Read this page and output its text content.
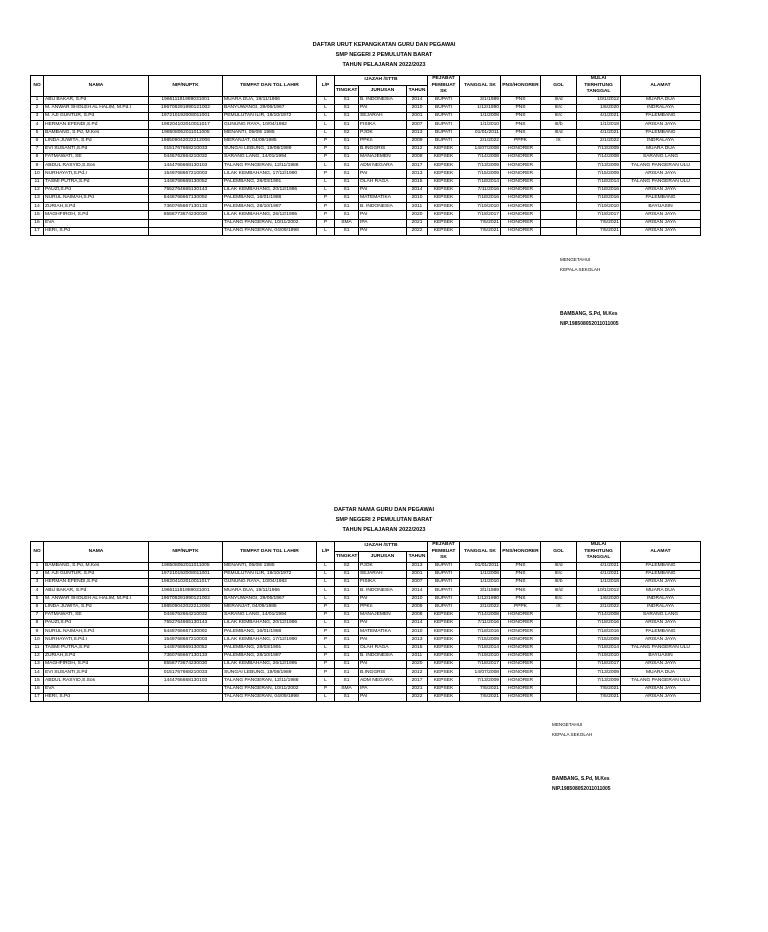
DAFTAR URUT KEPANGKATAN GURU DAN PEGAWAI
SMP NEGERI 2 PEMULUTAN BARAT
TAHUN PELAJARAN 2022/2023
NO	NAMA	NIP/NUPTK	TEMPAT DAN TGL LAHIR	L/P	IJAZAH /STTB			PEJABAT PEMBUAT SK	TANGGAL SK	PNS/HONORER	GOL	MULAI TERHITUNG TANGGAL	ALAMAT
					TINGKAT	JURUSAN	TAHUN						
1	ABU BAKAR, S.Pd	196611191989031001	MUARA DUA, 19/11/1966	L	S1	B. INDONESIA	2014	BUPATI	3/1/1989	PNS	III/d	10/1/2012	MUARA DUA
2	M. ANWAR SHOLEH AL HALIM, M.Pd.I	196706291990121002	BANYUWANGI, 29/06/1967	L	S1	PAI	2010	BUPATI	1/12/1990	PNS	III/c	1/6/2020	INDRALAYA
3	M. AJI GUNTUR, S.Pd	197210192008011001	PEMULUTAN ILIR, 19/10/1972	L	S1	SEJARAH	2001	BUPATI	1/1/2008	PNS	III/c	4/1/2021	PALEMBANG
4	HERMAN EFENDI,S.Pd	198204102010011017	GUNUNG RAYA, 10/04/1982	L	S1	FISIKA	2007	BUPATI	1/1/2010	PNS	III/b	1/1/2018	ARISAN JAYA
5	BAMBANG, S.Pd, M.Kes	198508052011011005	MENANTI, 05/08/ 1985	L	S2	PJOK	2013	BUPATI	01/01/2011	PNS	III/d	4/1/2021	PALEMBANG
6	LINDA JUWITA, S.Pd	198509042022212006	MERANJAT, 04/09/1985	P	S1	PPKn	2009	BUPATI	2/1/2022	PPPK	IX	2/1/2022	INDRALAYA
7	EVI SUSANTI,S.Pd	0151767668210033	SUNGAI LEBUNG, 19/08/1989	P	S1	B.INGGRIS	2012	KEPSEK	14/07/2008	HONORER		7/13/2009	MUARA DUA
8	FATMAWATI, SE	0446762664210032	SARANG LANG, 14/01/1994	P	S1	MANAJEMEN	2008	KEPSEK	7/14/2008	HONORER		7/14/2008	SARANG LANG
9	ABDUL RASYID,S.Sos	1444766668130103	TALANG PANGERAN, 12/11/1988	L	S1	ADM NEGARA	2017	KEPSEK	7/13/2009	HONORER		7/13/2009	TALANG PANGERAN ULU
10	NURHAYATI,S.Pd.I	1549768667210003	LILAK KEMBAHANG, 17/12/1990	P	S1	PAI	2013	KEPSEK	7/15/2009	HONORER		7/15/2009	ARISAN JAYA
11	TASMI PUTRA,S.Pd	1448768669130052	PALEMBANG, 28/03/1991	L	S1	OLAH RAGA	2015	KEPSEK	7/18/2014	HONORER		7/18/2014	TALANG PANGERAN ULU
12	PAUZI,S.Pd	7552764665130143	LILAK KEMBAHANG, 20/12/1986	L	S1	PAI	2014	KEPSEK	7/11/2016	HONORER		7/18/2016	ARISAN JAYA
13	NURUL NAIMAH,S.Pd	5448766667130092	PALEMBANG, 16/01/1988	P	S1	MATEMATIKA	2010	KEPSEK	7/18/2016	HONORER		7/18/2016	PALEMBANG
14	ZURIAH,S.Pd	7360765667130133	PALEMBANG, 28/10/1987	P	S1	B. INDONESIA	2011	KEPSEK	7/19/2010	HONORER		7/19/2010	BAYUASIN
15	MAGHFIROH, S.Pd	8558773674230030	LILAK KEMBAHANG, 26/12/1995	P	S1	PAI	2020	KEPSEK	7/18/2017	HONORER		7/18/2017	ARISAN JAYA
16	EVA		TALANG PANGERAN, 10/11/2002	P	SMA	IPA	2021	KEPSEK	7/5/2021	HONORER		7/5/2021	ARISAN JAYA
17	HERI, S.Pd		TALANG PANGERAN, 04/09/1998	L	S1	PAI	2022	KEPSEK	7/5/2021	HONORER		7/5/2021	ARISAN JAYA
MENGETAHUI
KEPALA SEKOLAH
BAMBANG, S.Pd, M.Kes
NIP.198508052011011005
DAFTAR NAMA GURU DAN PEGAWAI
SMP NEGERI 2 PEMULUTAN BARAT
TAHUN PELAJARAN 2022/2023
NO	NAMA	NIP/NUPTK	TEMPAT DAN TGL LAHIR	L/P	IJAZAH /STTB			PEJABAT PEMBUAT SK	TANGGAL SK	PNS/HONORER	GOL	MULAI TERHITUNG TANGGAL	ALAMAT
					TINGKAT	JURUSAN	TAHUN						
1	BAMBANG, S.Pd, M.Kes	198508052011011005	MENANTI, 05/08/ 1985	L	S2	PJOK	2013	BUPATI	01/01/2011	PNS	III/d	4/1/2021	PALEMBANG
2	M. AJI GUNTUR, S.Pd	197210192008011001	PEMULUTAN ILIR, 19/10/1972	L	S1	SEJARAH	2001	BUPATI	1/1/2008	PNS	III/c	4/1/2021	PALEMBANG
3	HERMAN EFENDI,S.Pd	198204102010011017	GUNUNG RAYA, 10/04/1982	L	S1	FISIKA	2007	BUPATI	1/1/2010	PNS	III/b	1/1/2018	ARISAN JAYA
4	ABU BAKAR, S.Pd	196611191989031001	MUARA DUA, 19/11/1966	L	S1	B. INDONESIA	2014	BUPATI	3/1/1989	PNS	III/d	10/1/2012	MUARA DUA
5	M. ANWAR SHOLEH AL HALIM, M.Pd.I	196706291990121002	BANYUWANGI, 29/06/1967	L	S1	PAI	2010	BUPATI	1/12/1990	PNS	III/c	1/6/2020	INDRALAYA
6	LINDA JUWITA, S.Pd	198509042022212006	MERANJAT, 04/09/1985	P	S1	PPKn	2009	BUPATI	2/1/2022	PPPK	IX	2/1/2022	INDRALAYA
7	FATMAWATI, SE	0446762664210032	SARANG LANG, 14/01/1994	P	S1	MANAJEMEN	2008	KEPSEK	7/14/2008	HONORER		7/14/2008	SARANG LANG
8	PAUZI,S.Pd	7552764665130143	LILAK KEMBAHANG, 20/12/1986	L	S1	PAI	2014	KEPSEK	7/11/2016	HONORER		7/18/2016	ARISAN JAYA
9	NURUL NAIMAH,S.Pd	5448766667130092	PALEMBANG, 16/01/1988	P	S1	MATEMATIKA	2010	KEPSEK	7/18/2016	HONORER		7/18/2016	PALEMBANG
10	NURHAYATI,S.Pd.I	1549768667210003	LILAK KEMBAHANG, 17/12/1990	P	S1	PAI	2013	KEPSEK	7/15/2009	HONORER		7/15/2009	ARISAN JAYA
11	TASMI PUTRA,S.Pd	1448768669130052	PALEMBANG, 28/03/1991	L	S1	OLAH RAGA	2015	KEPSEK	7/18/2014	HONORER		7/18/2014	TALANG PANGERAN ULU
12	ZURIAH,S.Pd	7360765667130133	PALEMBANG, 28/10/1987	P	S1	B. INDONESIA	2011	KEPSEK	7/19/2010	HONORER		7/19/2010	BAYUASIN
13	MAGHFIROH, S.Pd	8558773674230030	LILAK KEMBAHANG, 26/12/1995	P	S1	PAI	2020	KEPSEK	7/18/2017	HONORER		7/18/2017	ARISAN JAYA
14	EVI SUSANTI,S.Pd	0151767668210033	SUNGAI LEBUNG, 19/08/1989	P	S1	B.INGGRIS	2012	KEPSEK	14/07/2008	HONORER		7/13/2009	MUARA DUA
15	ABDUL RASYID,S.Sos	1444766668130103	TALANG PANGERAN, 12/11/1988	L	S1	ADM NEGARA	2017	KEPSEK	7/13/2009	HONORER		7/13/2009	TALANG PANGERAN ULU
16	EVA		TALANG PANGERAN, 10/11/2002	P	SMA	IPA	2021	KEPSEK	7/5/2021	HONORER		7/5/2021	ARISAN JAYA
17	HERI, S.Pd		TALANG PANGERAN, 04/09/1998	L	S1	PAI	2022	KEPSEK	7/5/2021	HONORER		7/5/2021	ARISAN JAYA
MENGETAHUI
KEPALA SEKOLAH
BAMBANG, S.Pd, M.Kes
NIP.198508052011011005
